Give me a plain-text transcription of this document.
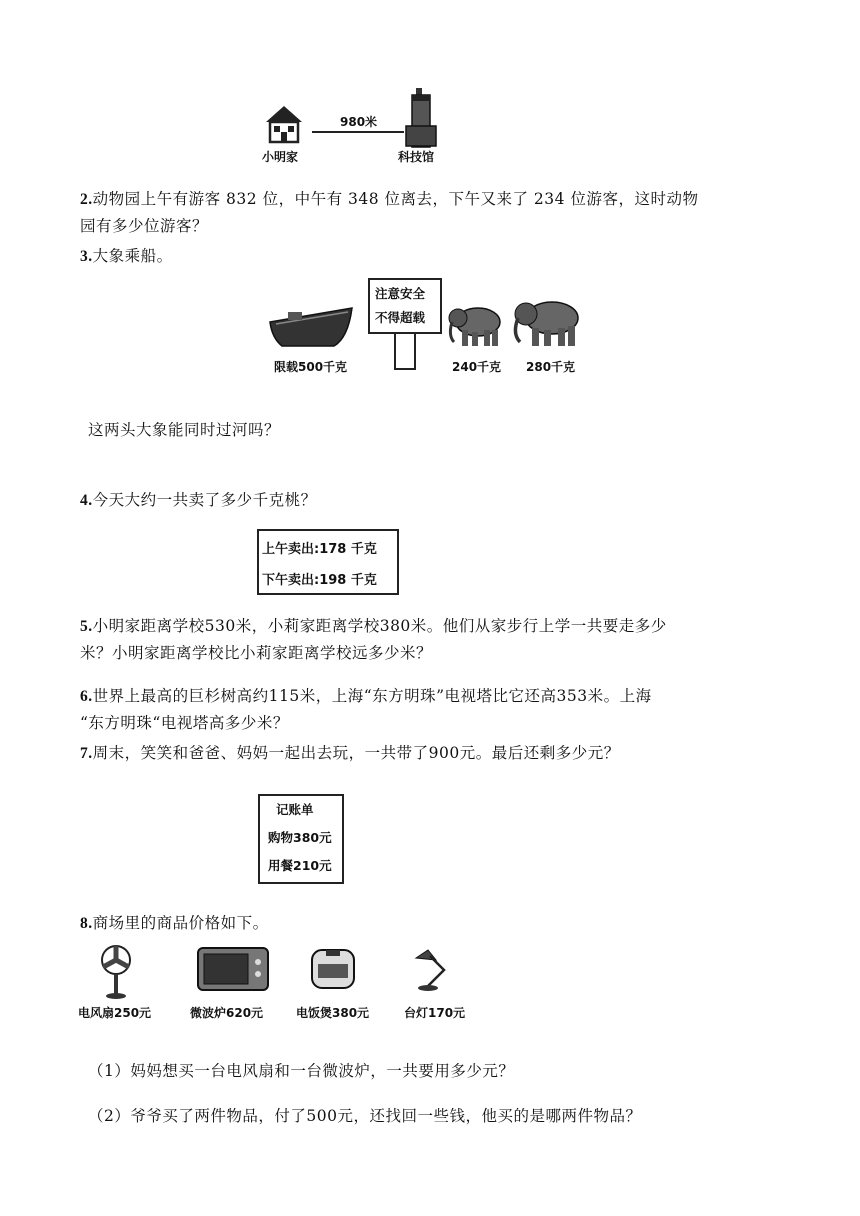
980米
小明家	科技馆
2.动物园上午有游客 832 位，中午有 348 位离去，下午又来了 234 位游客，这时动物
园有多少位游客？
3.大象乘船。
限载500千克
注意安全
不得超载
240千克 280千克
这两头大象能同时过河吗？
4.今天大约一共卖了多少千克桃？
上午卖出:178 千克
下午卖出:198 千克
5.小明家距离学校530米，小莉家距离学校380米。他们从家步行上学一共要走多少
米？小明家距离学校比小莉家距离学校远多少米？
6.世界上最高的巨杉树高约115米，上海“东方明珠”电视塔比它还高353米。上海
“东方明珠“电视塔高多少米？
7.周末，笑笑和爸爸、妈妈一起出去玩，一共带了900元。最后还剩多少元？
记账单
购物380元
用餐210元
8.商场里的商品价格如下。
电风扇250元	微波炉620元	电饭煲380元	台灯170元
（1）妈妈想买一台电风扇和一台微波炉，一共要用多少元？
（2）爷爷买了两件物品，付了500元，还找回一些钱，他买的是哪两件物品？
